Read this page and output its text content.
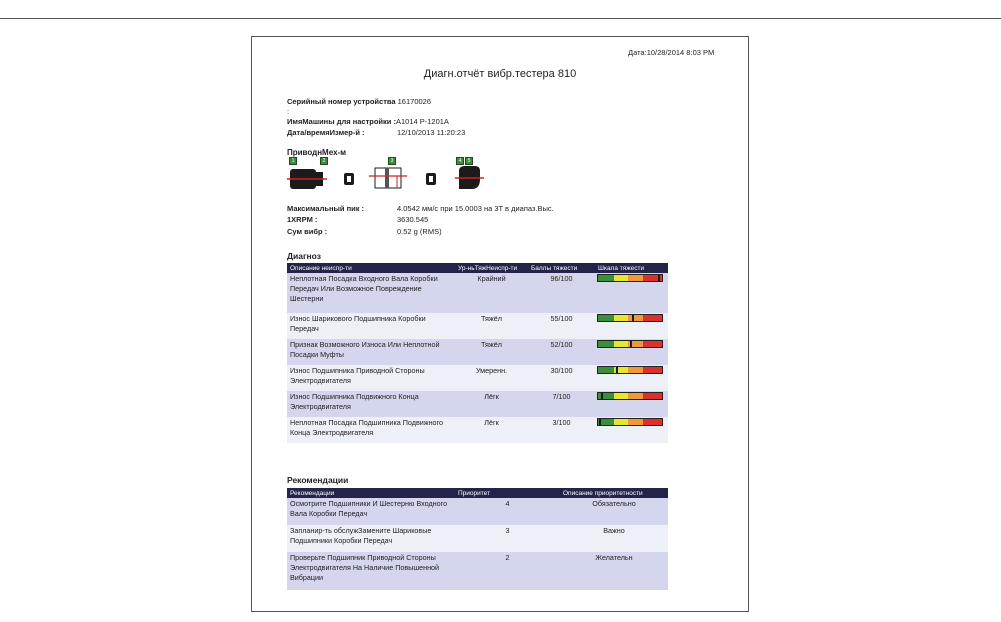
Дата:10/28/2014 8:03 PM
Диагн.отчёт вибр.тестера 810
Серийный номер устройства 16170026
:
ИмяМашины для настройки :A1014 P-1201A
Дата/времяИзмер-й :	12/10/2013 11:20:23
ПриводнМех-м
1	2	3	4	5
Максимальный пик :	4.0542 мм/с при 15.0003 на 3T в диапаз.Выс.
1XRPM :	3630.545
Сум вибр :	0.52 g (RMS)
Диагноз
Описание неиспр-ти	Ур-ньТяжНеиспр-ти	Баллы тяжести	Шкала тяжести
Неплотная Посадка Входного Вала Коробки Передач Или Возможное Повреждение Шестерни	Крайний	96/100	

Износ Шарикового Подшипника Коробки Передач	Тяжёл	55/100	

Признак Возможного Износа Или Неплотной Посадки Муфты	Тяжёл	52/100	

Износ Подшипника Приводной Стороны Электродвигателя	Умеренн.	30/100	

Износ Подшипника Подвижного Конца Электродвигателя	Лёгк	7/100	

Неплотная Посадка Подшипника Подвижного Конца Электродвигателя	Лёгк	3/100	
Рекомендации
Рекомендации	Приоритет	Описание приоритетности
Осмотрите Подшипники И Шестерню Входного Вала Коробки Передач	4	Обязательно
Запланир-ть обслужЗамените Шариковые Подшипники Коробки Передач	3	Важно
Проверьте Подшипник Приводной Стороны Электродвигателя На Наличие Повышенной Вибрации	2	Желательн
